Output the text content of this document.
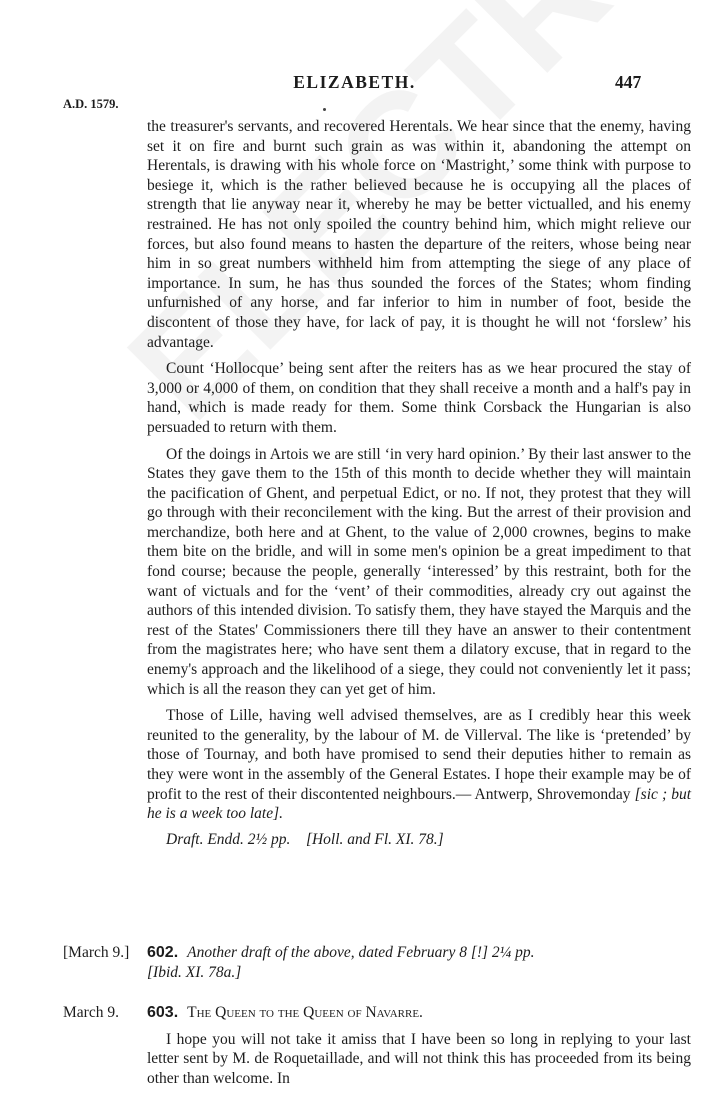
ELIZABETH.	447
A.D. 1579.

the treasurer's servants, and recovered Herentals. We hear since that the enemy, having set it on fire and burnt such grain as was within it, abandoning the attempt on Herentals, is drawing with his whole force on ‘Mastright,’ some think with purpose to besiege it, which is the rather believed because he is occupying all the places of strength that lie anyway near it, whereby he may be better victualled, and his enemy restrained. He has not only spoiled the country behind him, which might relieve our forces, but also found means to hasten the departure of the reiters, whose being near him in so great numbers withheld him from attempting the siege of any place of importance. In sum, he has thus sounded the forces of the States; whom finding unfurnished of any horse, and far inferior to him in number of foot, beside the discontent of those they have, for lack of pay, it is thought he will not ‘forslew’ his advantage.

Count ‘Hollocque’ being sent after the reiters has as we hear procured the stay of 3,000 or 4,000 of them, on condition that they shall receive a month and a half's pay in hand, which is made ready for them. Some think Corsback the Hungarian is also persuaded to return with them.

Of the doings in Artois we are still ‘in very hard opinion.’ By their last answer to the States they gave them to the 15th of this month to decide whether they will maintain the pacification of Ghent, and perpetual Edict, or no. If not, they protest that they will go through with their reconcilement with the king. But the arrest of their provision and merchandize, both here and at Ghent, to the value of 2,000 crownes, begins to make them bite on the bridle, and will in some men's opinion be a great impediment to that fond course; because the people, generally ‘interessed’ by this restraint, both for the want of victuals and for the ‘vent’ of their commodities, already cry out against the authors of this intended division. To satisfy them, they have stayed the Marquis and the rest of the States' Commissioners there till they have an answer to their contentment from the magistrates here; who have sent them a dilatory excuse, that in regard to the enemy's approach and the likelihood of a siege, they could not conveniently let it pass; which is all the reason they can yet get of him.

Those of Lille, having well advised themselves, are as I credibly hear this week reunited to the generality, by the labour of M. de Villerval. The like is ‘pretended’ by those of Tournay, and both have promised to send their deputies hither to remain as they were wont in the assembly of the General Estates. I hope their example may be of profit to the rest of their discontented neighbours.— Antwerp, Shrovemonday [sic ; but he is a week too late].

Draft. Endd. 2½ pp. [Holl. and Fl. XI. 78.]

[March 9.] 602. Another draft of the above, dated February 8 [!] 2¼ pp.
[Ibid. XI. 78a.]
March 9. 603. The Queen to the Queen of Navarre.
I hope you will not take it amiss that I have been so long in replying to your last letter sent by M. de Roquetaillade, and will not think this has proceeded from its being other than welcome. In
